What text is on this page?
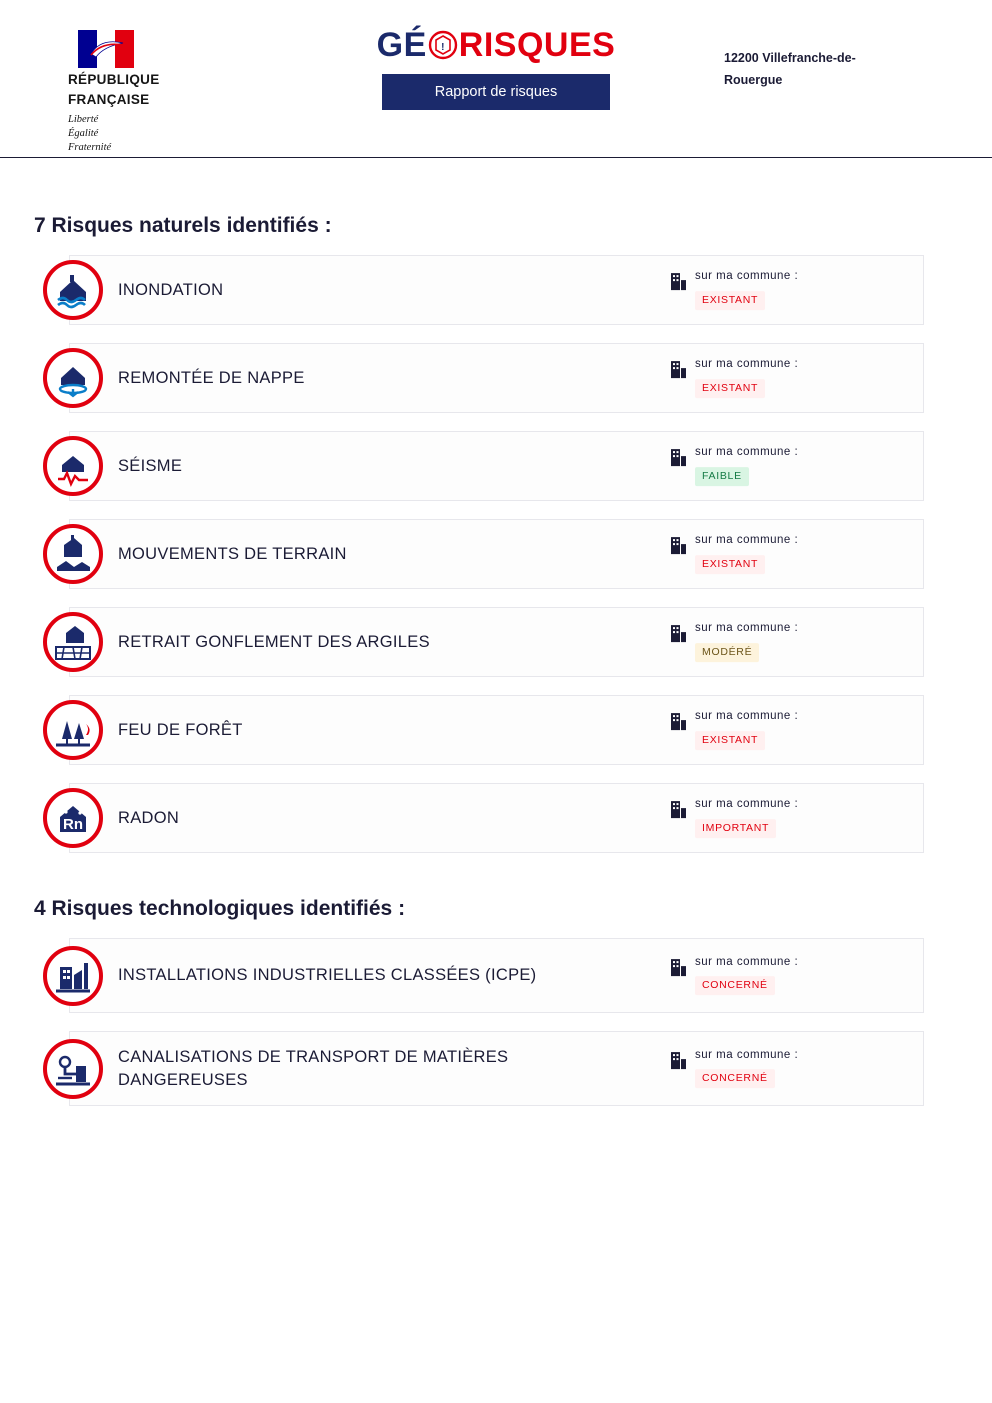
RÉPUBLIQUE
FRANÇAISE
Liberté
Égalité
Fraternité
GÉ ! RISQUES
Rapport de risques
12200 Villefranche-de-
Rouergue
7 Risques naturels identifiés :
INONDATION
sur ma commune :
EXISTANT
REMONTÉE DE NAPPE
sur ma commune :
EXISTANT
SÉISME
sur ma commune :
FAIBLE
MOUVEMENTS DE TERRAIN
sur ma commune :
EXISTANT
RETRAIT GONFLEMENT DES ARGILES
sur ma commune :
MODÉRÉ
FEU DE FORÊT
sur ma commune :
EXISTANT
Rn RADON
sur ma commune :
IMPORTANT
4 Risques technologiques identifiés :
INSTALLATIONS INDUSTRIELLES CLASSÉES (ICPE)
sur ma commune :
CONCERNÉ
CANALISATIONS DE TRANSPORT DE MATIÈRES DANGEREUSES
sur ma commune :
CONCERNÉ
